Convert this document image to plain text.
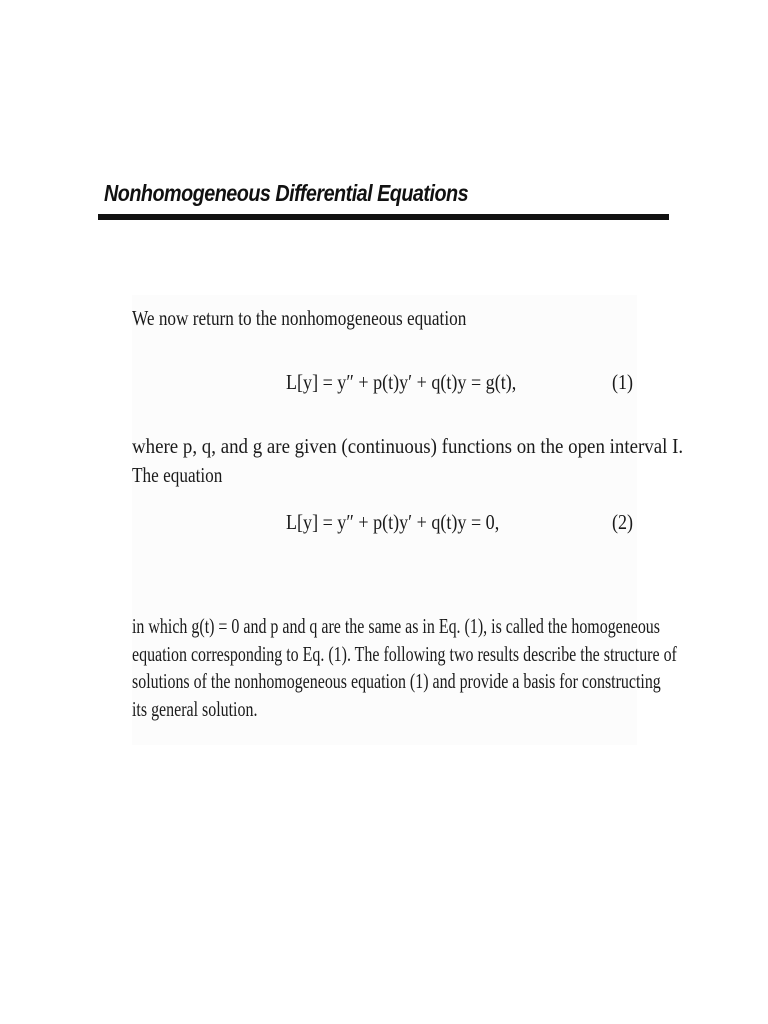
Nonhomogeneous Differential Equations
We now return to the nonhomogeneous equation
L[y] = y″ + p(t)y′ + q(t)y = g(t),	(1)
where p, q, and g are given (continuous) functions on the open interval I.
The equation
L[y] = y″ + p(t)y′ + q(t)y = 0,	(2)
in which g(t) = 0 and p and q are the same as in Eq. (1), is called the homogeneous
equation corresponding to Eq. (1). The following two results describe the structure of
solutions of the nonhomogeneous equation (1) and provide a basis for constructing
its general solution.
